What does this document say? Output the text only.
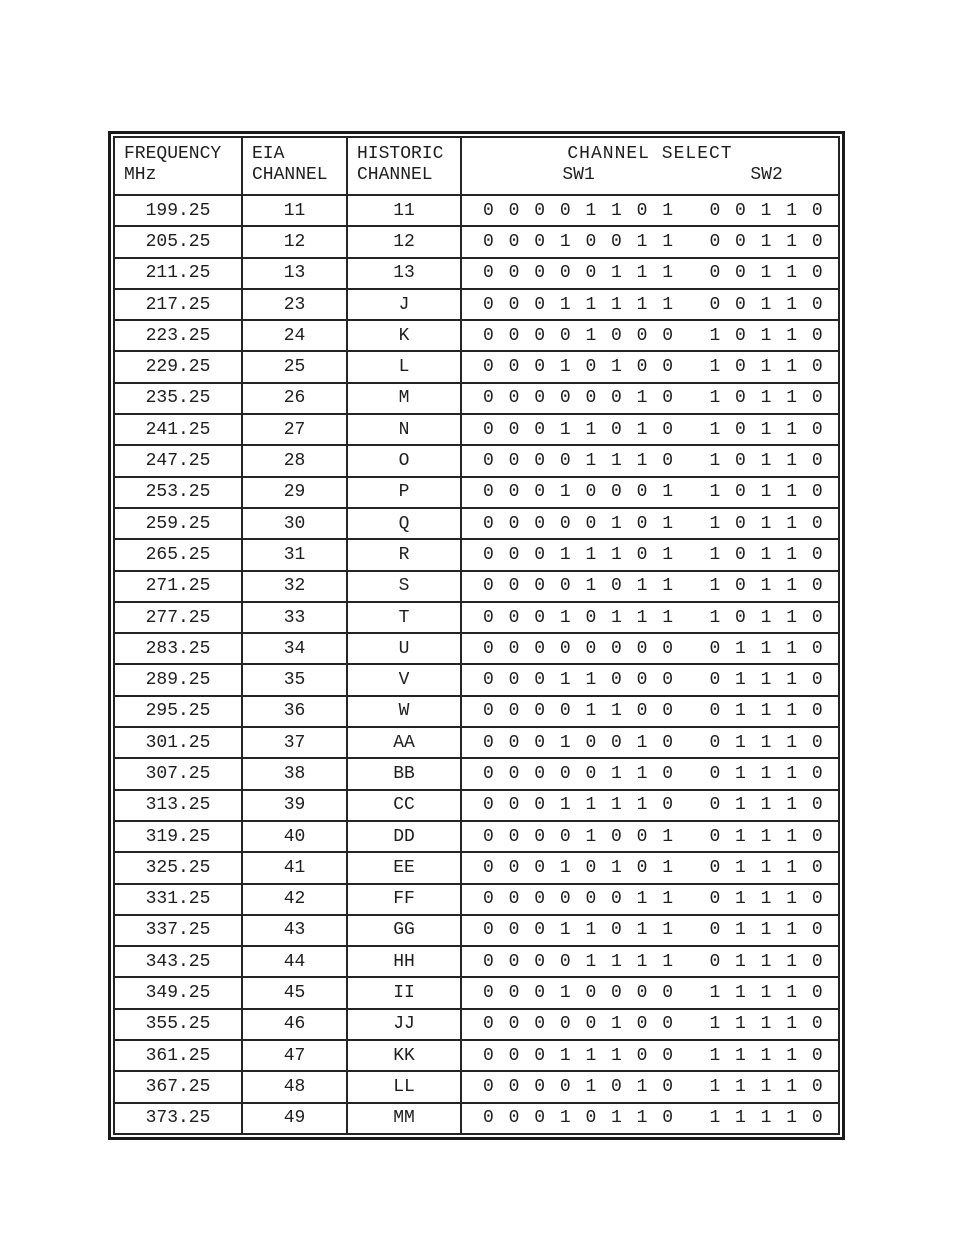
FREQUENCY
MHz

EIA
CHANNEL

HISTORIC
CHANNEL

CHANNEL SELECT
SW1	SW2

199.25	11	11	0 0 0 0 1 1 0 1 0 0 1 1 0

205.25	12	12	0 0 0 1 0 0 1 1 0 0 1 1 0

211.25	13	13	0 0 0 0 0 1 1 1 0 0 1 1 0

217.25	23	J	0 0 0 1 1 1 1 1 0 0 1 1 0

223.25	24	K	0 0 0 0 1 0 0 0 1 0 1 1 0

229.25	25	L	0 0 0 1 0 1 0 0 1 0 1 1 0

235.25	26	M	0 0 0 0 0 0 1 0 1 0 1 1 0

241.25	27	N	0 0 0 1 1 0 1 0 1 0 1 1 0

247.25	28	O	0 0 0 0 1 1 1 0 1 0 1 1 0

253.25	29	P	0 0 0 1 0 0 0 1 1 0 1 1 0

259.25	30	Q	0 0 0 0 0 1 0 1 1 0 1 1 0

265.25	31	R	0 0 0 1 1 1 0 1 1 0 1 1 0

271.25	32	S	0 0 0 0 1 0 1 1 1 0 1 1 0

277.25	33	T	0 0 0 1 0 1 1 1 1 0 1 1 0

283.25	34	U	0 0 0 0 0 0 0 0 0 1 1 1 0

289.25	35	V	0 0 0 1 1 0 0 0 0 1 1 1 0

295.25	36	W	0 0 0 0 1 1 0 0 0 1 1 1 0

301.25	37	AA	0 0 0 1 0 0 1 0 0 1 1 1 0

307.25	38	BB	0 0 0 0 0 1 1 0 0 1 1 1 0

313.25	39	CC	0 0 0 1 1 1 1 0 0 1 1 1 0

319.25	40	DD	0 0 0 0 1 0 0 1 0 1 1 1 0

325.25	41	EE	0 0 0 1 0 1 0 1 0 1 1 1 0

331.25	42	FF	0 0 0 0 0 0 1 1 0 1 1 1 0

337.25	43	GG	0 0 0 1 1 0 1 1 0 1 1 1 0

343.25	44	HH	0 0 0 0 1 1 1 1 0 1 1 1 0

349.25	45	II	0 0 0 1 0 0 0 0 1 1 1 1 0

355.25	46	JJ	0 0 0 0 0 1 0 0 1 1 1 1 0

361.25	47	KK	0 0 0 1 1 1 0 0 1 1 1 1 0

367.25	48	LL	0 0 0 0 1 0 1 0 1 1 1 1 0

373.25	49	MM	0 0 0 1 0 1 1 0 1 1 1 1 0
